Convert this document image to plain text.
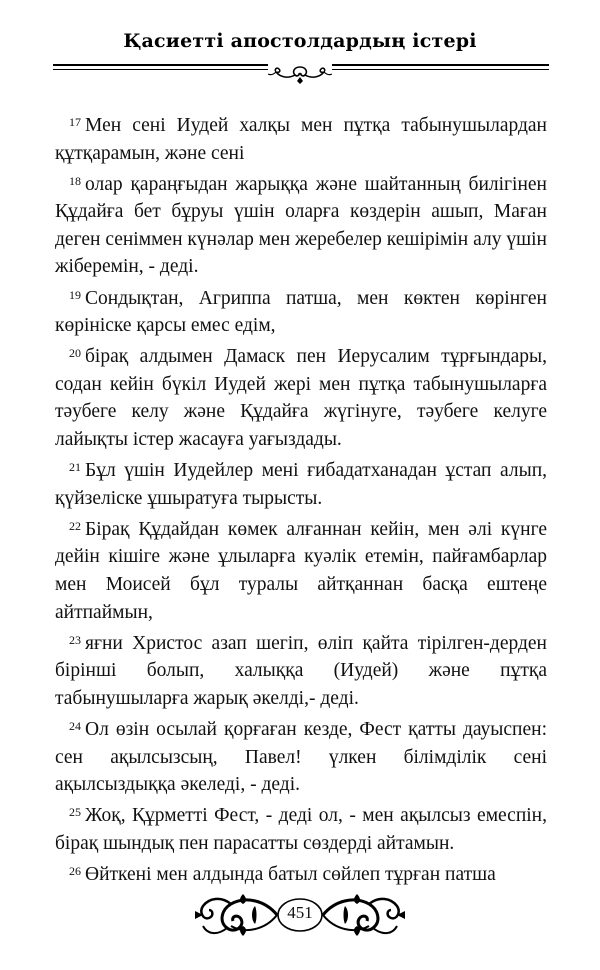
Қасиетті апостолдардың істері

$^{17}$ Мен сені Иудей халқы мен пұтқа табынушылардан құтқарамын, және сені

$^{18}$ олар қараңғыдан жарыққа және шайтанның билігінен Құдайға бет бұруы үшін оларға көздерін ашып, Маған деген сеніммен күнәлар мен жеребелер кешірімін алу үшін жіберемін, - деді.

$^{19}$ Сондықтан, Агриппа патша, мен көктен көрінген көрініске қарсы емес едім,

$^{20}$ бірақ алдымен Дамаск пен Иерусалим тұрғындары, содан кейін бүкіл Иудей жері мен пұтқа табынушыларға тәубеге келу және Құдайға жүгінуге, тәубеге келуге лайықты істер жасауға уағыздады.

$^{21}$ Бұл үшін Иудейлер мені ғибадатханадан ұстап алып, қүйзеліске ұшыратуға тырысты.

$^{22}$ Бірақ Құдайдан көмек алғаннан кейін, мен әлі күнге дейін кішіге және ұлыларға куәлік етемін, пайғамбарлар мен Моисей бұл туралы айтқаннан басқа ештеңе айтпаймын,

$^{23}$ яғни Христос азап шегіп, өліп қайта тірілген-дерден бірінші болып, халыққа (Иудей) және пұтқа табынушыларға жарық әкелді,- деді.

$^{24}$ Ол өзін осылай қорғаған кезде, Фест қатты дауыспен: сен ақылсызсың, Павел! үлкен білімділік сені ақылсыздыққа әкеледі, - деді.

$^{25}$ Жоқ, Құрметті Фест, - деді ол, - мен ақылсыз емеспін, бірақ шындық пен парасатты сөздерді айтамын.

$^{26}$ Өйткені мен алдында батыл сөйлеп тұрған патша

451
